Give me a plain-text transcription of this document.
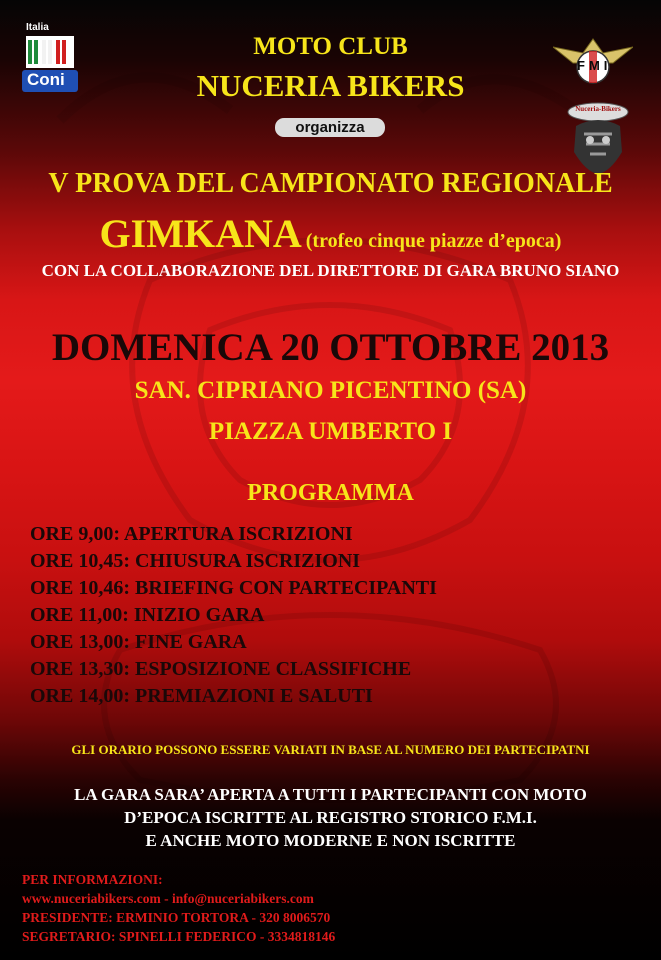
Italia
Coni
FMI
Nuceria-Bikers
MOTO CLUB
NUCERIA BIKERS
organizza
V PROVA DEL CAMPIONATO REGIONALE
GIMKANA (trofeo cinque piazze d’epoca)
CON LA COLLABORAZIONE DEL DIRETTORE DI GARA BRUNO SIANO
DOMENICA 20 OTTOBRE 2013
SAN. CIPRIANO PICENTINO (SA)
PIAZZA UMBERTO I
PROGRAMMA
ORE 9,00: APERTURA ISCRIZIONI
ORE 10,45: CHIUSURA ISCRIZIONI
ORE 10,46: BRIEFING CON PARTECIPANTI
ORE 11,00: INIZIO GARA
ORE 13,00: FINE GARA
ORE 13,30: ESPOSIZIONE CLASSIFICHE
ORE 14,00: PREMIAZIONI E SALUTI
GLI ORARIO POSSONO ESSERE VARIATI IN BASE AL NUMERO DEI PARTECIPATNI
LA GARA SARA’ APERTA A TUTTI I PARTECIPANTI CON MOTO
D’EPOCA ISCRITTE AL REGISTRO STORICO F.M.I.
E ANCHE MOTO MODERNE E NON ISCRITTE
PER INFORMAZIONI:
www.nuceriabikers.com - info@nuceriabikers.com
PRESIDENTE: ERMINIO TORTORA - 320 8006570
SEGRETARIO: SPINELLI FEDERICO - 3334818146
